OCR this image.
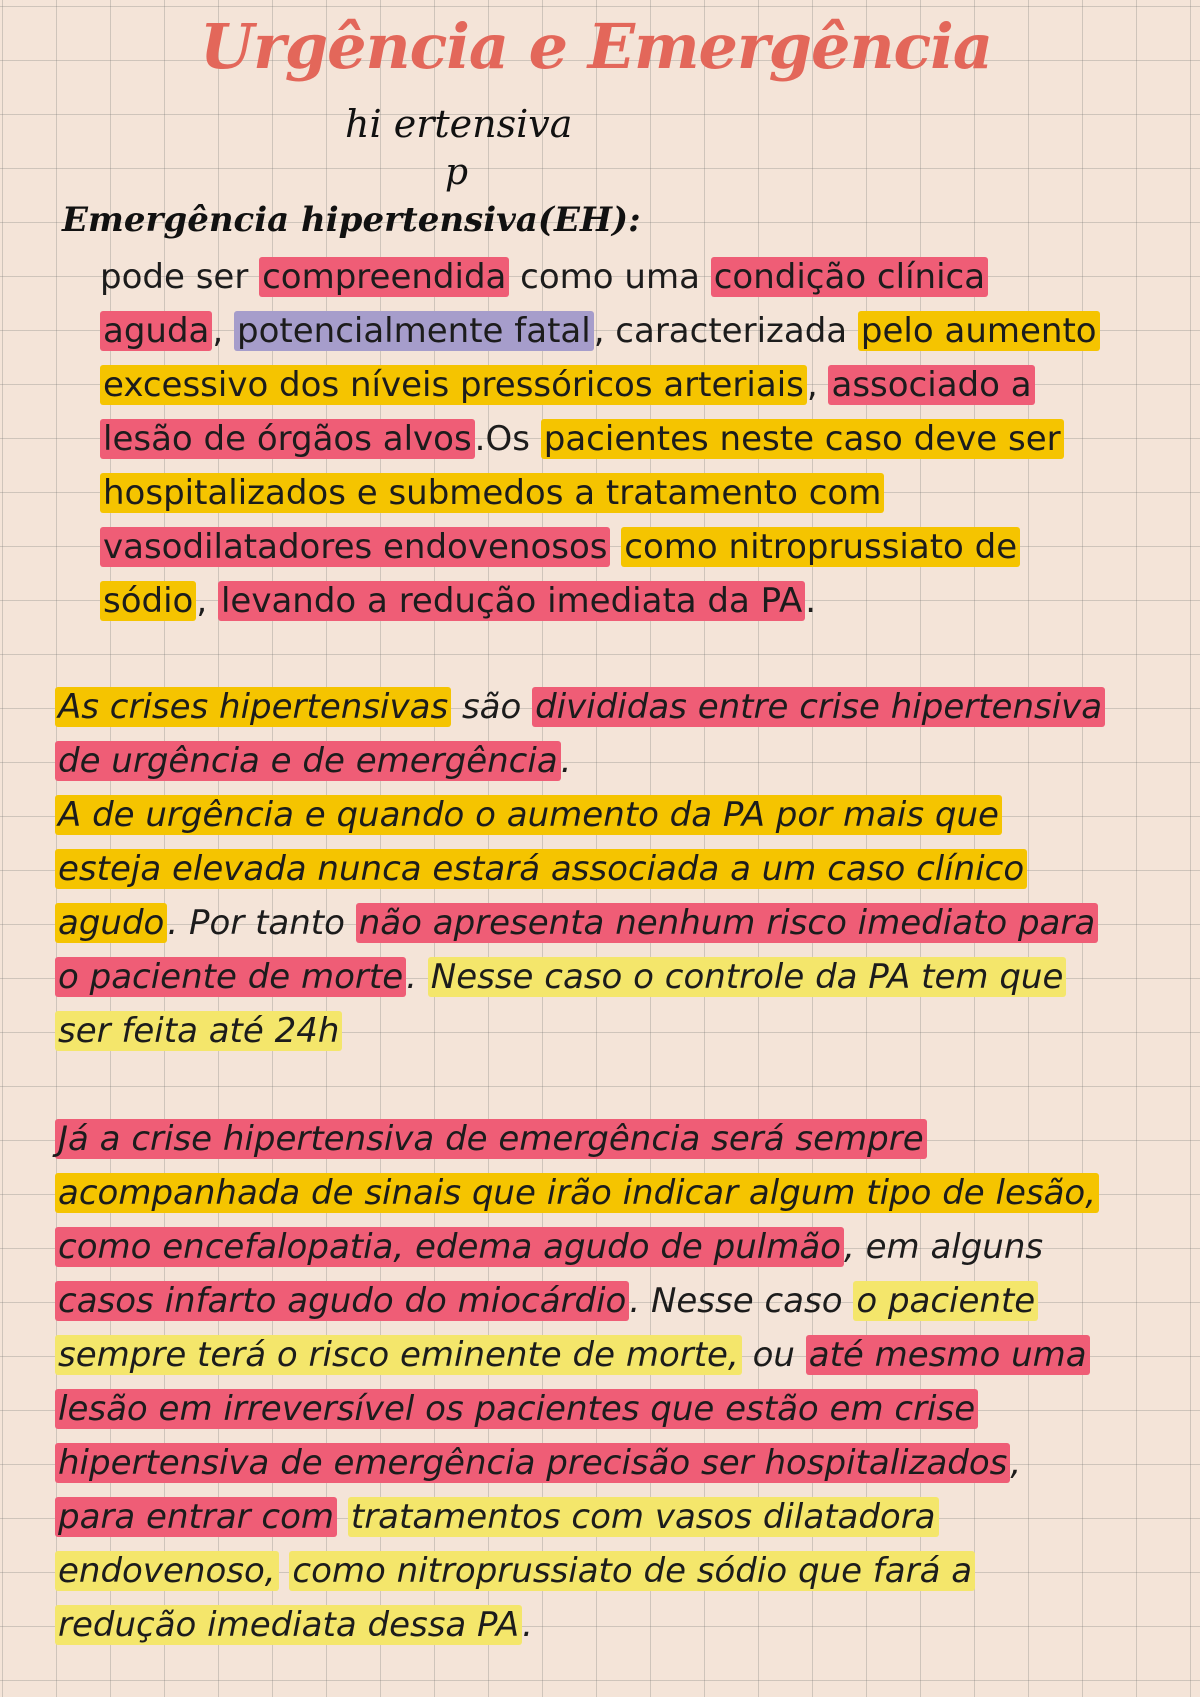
Urgência e Emergência
hi ertensiva
p
Emergência hipertensiva(EH):
pode ser compreendida como uma condição clínica
aguda, potencialmente fatal, caracterizada pelo aumento
excessivo dos níveis pressóricos arteriais, associado a
lesão de órgãos alvos.Os pacientes neste caso deve ser
hospitalizados e submedos a tratamento com
vasodilatadores endovenosos como nitroprussiato de
sódio, levando a redução imediata da PA.
As crises hipertensivas são divididas entre crise hipertensiva
de urgência e de emergência.
A de urgência e quando o aumento da PA por mais que
esteja elevada nunca estará associada a um caso clínico
agudo. Por tanto não apresenta nenhum risco imediato para
o paciente de morte. Nesse caso o controle da PA tem que
ser feita até 24h
Já a crise hipertensiva de emergência será sempre
acompanhada de sinais que irão indicar algum tipo de lesão,
como encefalopatia, edema agudo de pulmão, em alguns
casos infarto agudo do miocárdio. Nesse caso o paciente
sempre terá o risco eminente de morte, ou até mesmo uma
lesão em irreversível os pacientes que estão em crise
hipertensiva de emergência precisão ser hospitalizados,
para entrar com tratamentos com vasos dilatadora
endovenoso, como nitroprussiato de sódio que fará a
redução imediata dessa PA.
